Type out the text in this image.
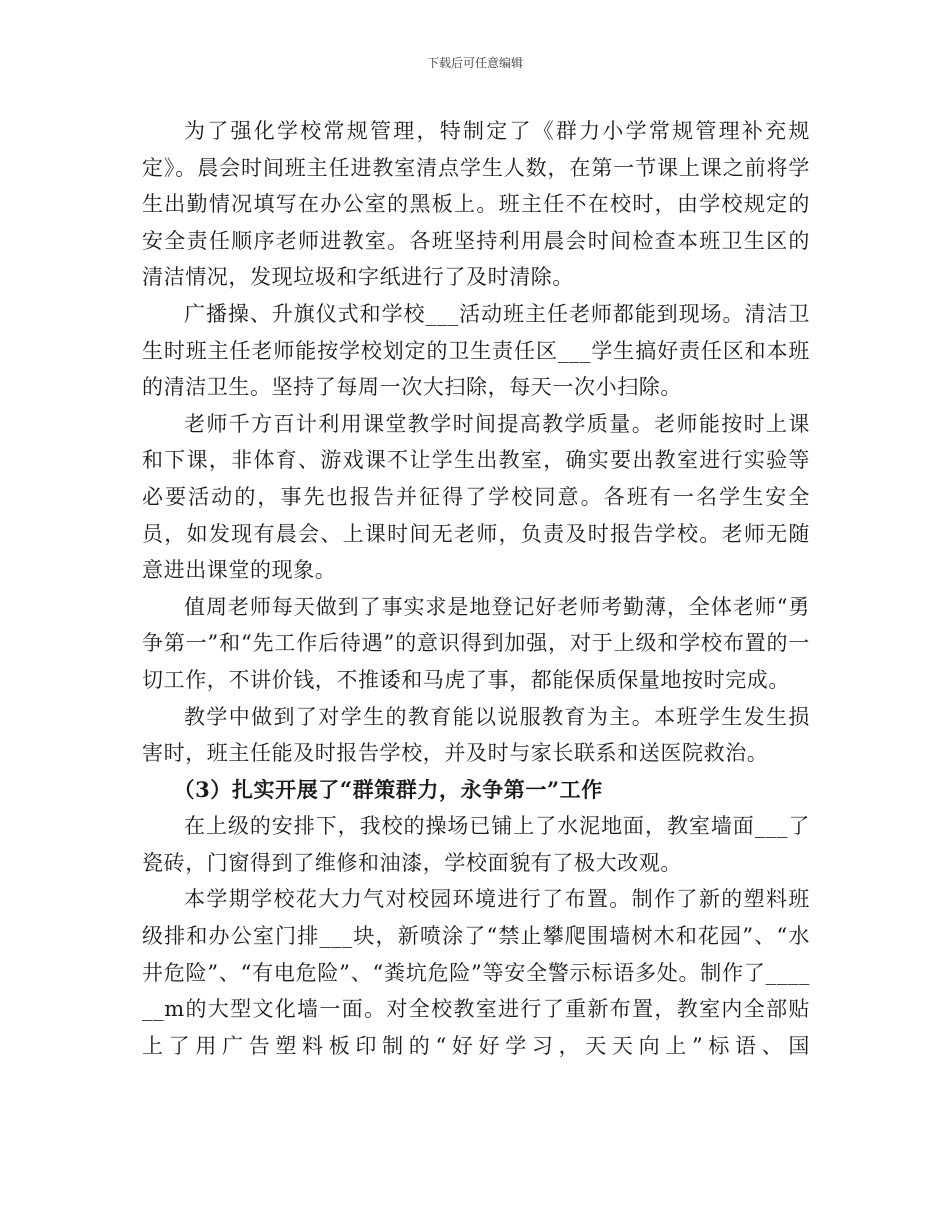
下载后可任意编辑

为了强化学校常规管理，特制定了《群力小学常规管理补充规定》。晨会时间班主任进教室清点学生人数，在第一节课上课之前将学生出勤情况填写在办公室的黑板上。班主任不在校时，由学校规定的安全责任顺序老师进教室。各班坚持利用晨会时间检查本班卫生区的清洁情况，发现垃圾和字纸进行了及时清除。

广播操、升旗仪式和学校___活动班主任老师都能到现场。清洁卫生时班主任老师能按学校划定的卫生责任区___学生搞好责任区和本班的清洁卫生。坚持了每周一次大扫除，每天一次小扫除。

老师千方百计利用课堂教学时间提高教学质量。老师能按时上课和下课，非体育、游戏课不让学生出教室，确实要出教室进行实验等必要活动的，事先也报告并征得了学校同意。各班有一名学生安全员，如发现有晨会、上课时间无老师，负责及时报告学校。老师无随意进出课堂的现象。

值周老师每天做到了事实求是地登记好老师考勤薄，全体老师“勇争第一”和“先工作后待遇”的意识得到加强，对于上级和学校布置的一切工作，不讲价钱，不推诿和马虎了事，都能保质保量地按时完成。

教学中做到了对学生的教育能以说服教育为主。本班学生发生损害时，班主任能及时报告学校，并及时与家长联系和送医院救治。

（3）扎实开展了“群策群力，永争第一”工作

在上级的安排下，我校的操场已铺上了水泥地面，教室墙面___了瓷砖，门窗得到了维修和油漆，学校面貌有了极大改观。

本学期学校花大力气对校园环境进行了布置。制作了新的塑料班级排和办公室门排___块，新喷涂了“禁止攀爬围墙树木和花园”、“水井危险”、“有电危险”、“粪坑危险”等安全警示标语多处。制作了______m的大型文化墙一面。对全校教室进行了重新布置，教室内全部贴上了用广告塑料板印制的“好好学习，天天向上”标语、国
